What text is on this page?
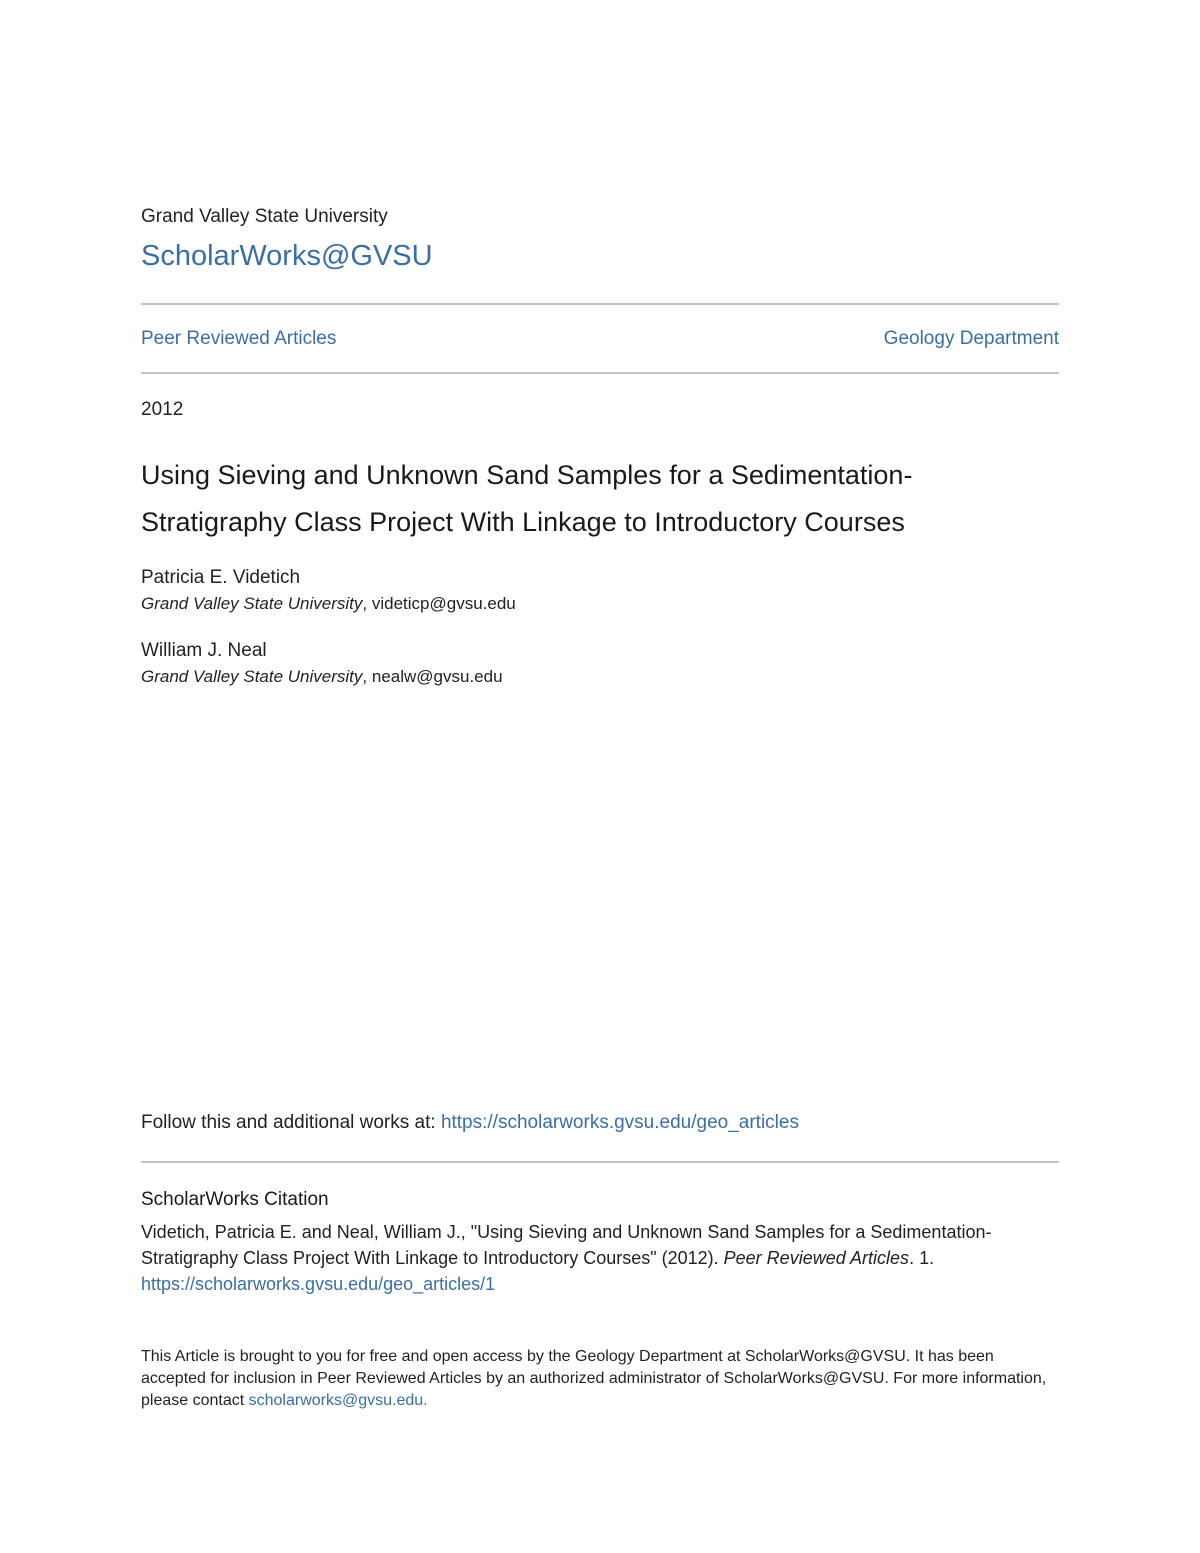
Grand Valley State University
ScholarWorks@GVSU
Peer Reviewed Articles	Geology Department
2012
Using Sieving and Unknown Sand Samples for a Sedimentation-
Stratigraphy Class Project With Linkage to Introductory Courses
Patricia E. Videtich
Grand Valley State University, videticp@gvsu.edu
William J. Neal
Grand Valley State University, nealw@gvsu.edu
Follow this and additional works at: https://scholarworks.gvsu.edu/geo_articles
ScholarWorks Citation

Videtich, Patricia E. and Neal, William J., "Using Sieving and Unknown Sand Samples for a Sedimentation-
Stratigraphy Class Project With Linkage to Introductory Courses" (2012). Peer Reviewed Articles. 1.
https://scholarworks.gvsu.edu/geo_articles/1

This Article is brought to you for free and open access by the Geology Department at ScholarWorks@GVSU. It has been accepted for inclusion in Peer Reviewed Articles by an authorized administrator of ScholarWorks@GVSU. For more information, please contact scholarworks@gvsu.edu.
